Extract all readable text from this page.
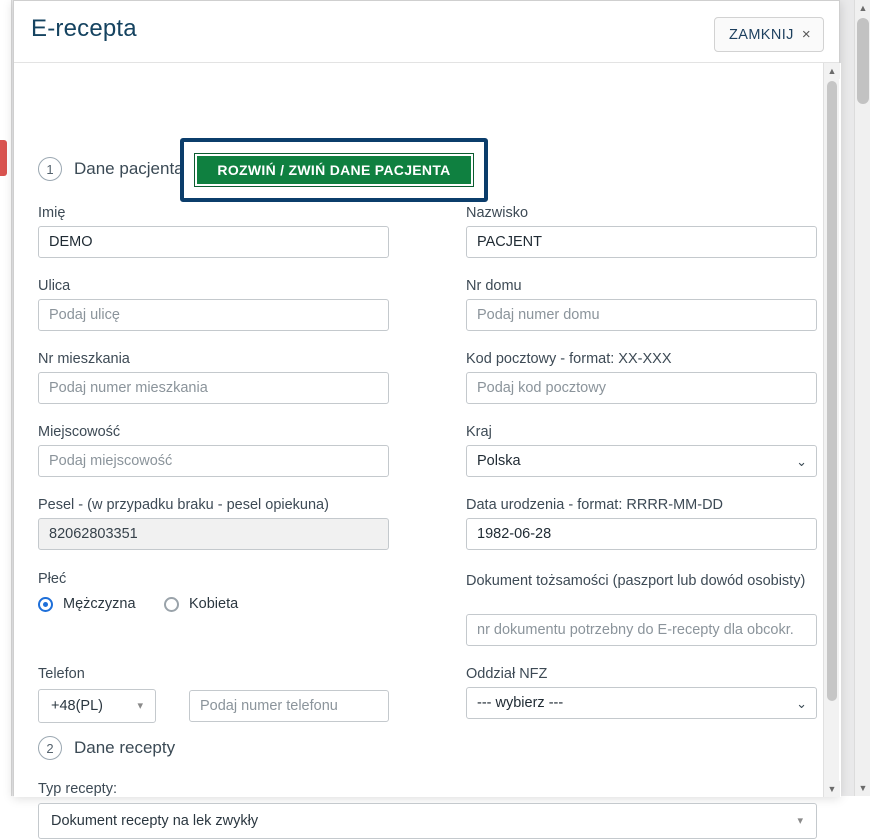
E-recepta	ZAMKNIJ ×
1	Dane pacjenta	ROZWIŃ / ZWIŃ DANE PACJENTA
Imię
DEMO
Nazwisko
PACJENT
Ulica
Podaj ulicę
Nr domu
Podaj numer domu
Nr mieszkania
Podaj numer mieszkania
Kod pocztowy - format: XX-XXX
Podaj kod pocztowy
Miejscowość
Podaj miejscowość
Kraj
Polska	⌄
Pesel - (w przypadku braku - pesel opiekuna)
82062803351
Data urodzenia - format: RRRR-MM-DD
1982-06-28
Płeć
Mężczyzna	Kobieta
Dokument tożsamości (paszport lub dowód osobisty)
nr dokumentu potrzebny do E-recepty dla obcokr.
Telefon
+48(PL)	▾	Podaj numer telefonu
Oddział NFZ
--- wybierz ---	⌄
2	Dane recepty
Typ recepty:
Dokument recepty na lek zwykły	▾
▲
▼
▲
▼
